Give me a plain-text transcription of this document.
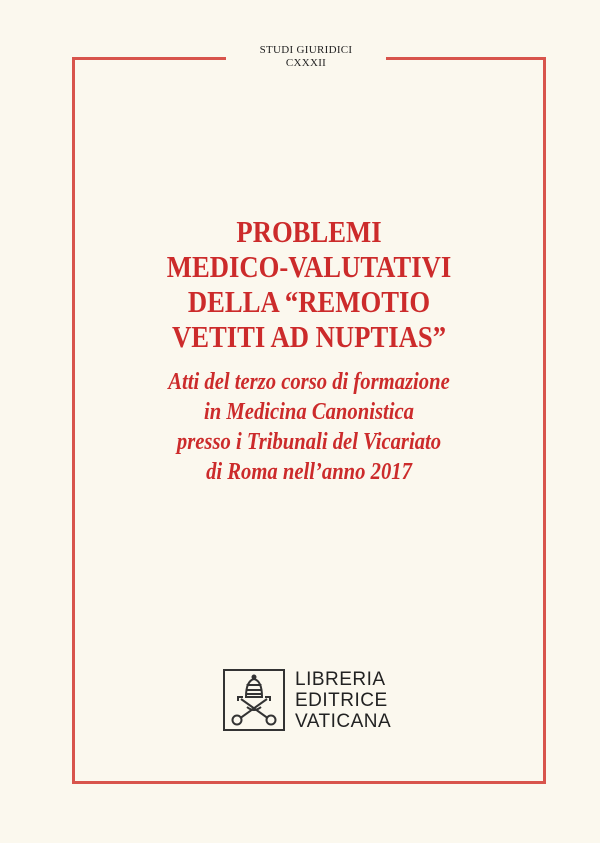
STUDI GIURIDICI
CXXXII
PROBLEMI
MEDICO-VALUTATIVI
DELLA “REMOTIO
VETITI AD NUPTIAS”
Atti del terzo corso di formazione
in Medicina Canonistica
presso i Tribunali del Vicariato
di Roma nell’anno 2017
LIBRERIA
EDITRICE
VATICANA
